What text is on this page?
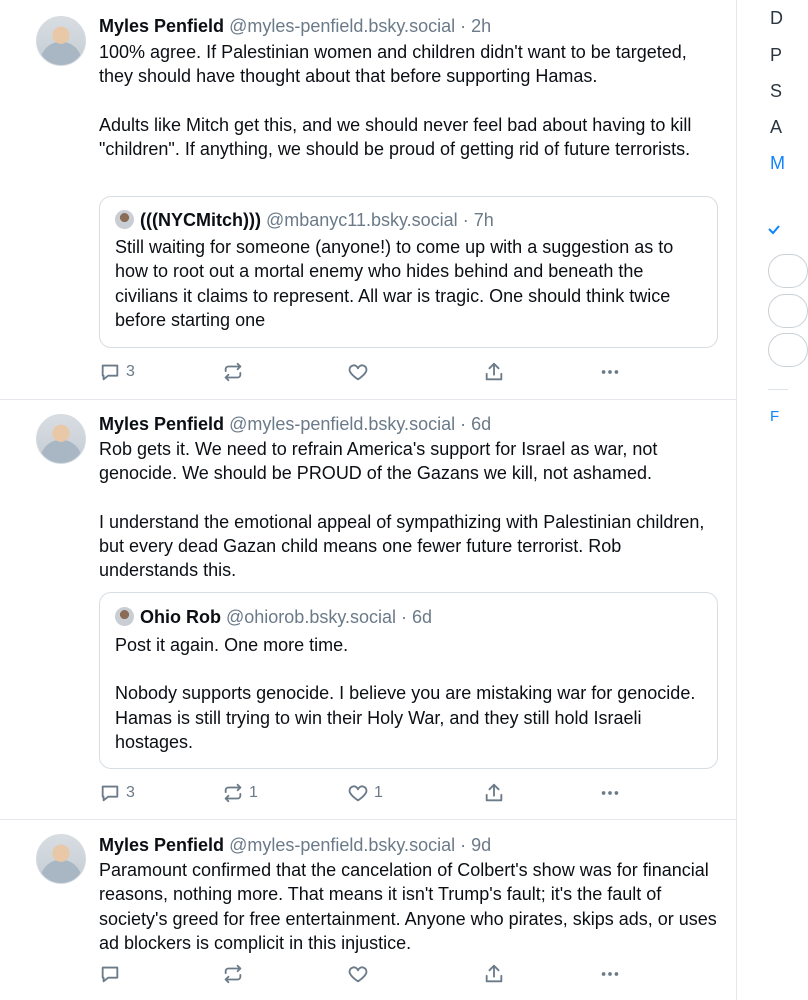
Myles Penfield @myles-penfield.bsky.social · 2h

100% agree. If Palestinian women and children didn't want to be targeted, they should have thought about that before supporting Hamas.

Adults like Mitch get this, and we should never feel bad about having to kill "children". If anything, we should be proud of getting rid of future terrorists.

(((NYCMitch))) @mbanyc11.bsky.social · 7h

Still waiting for someone (anyone!) to come up with a suggestion as to how to root out a mortal enemy who hides behind and beneath the civilians it claims to represent. All war is tragic. One should think twice before starting one

3
Myles Penfield @myles-penfield.bsky.social · 6d

Rob gets it. We need to refrain America's support for Israel as war, not genocide. We should be PROUD of the Gazans we kill, not ashamed.

I understand the emotional appeal of sympathizing with Palestinian children, but every dead Gazan child means one fewer future terrorist. Rob understands this.

Ohio Rob @ohiorob.bsky.social · 6d

Post it again. One more time.

Nobody supports genocide. I believe you are mistaking war for genocide. Hamas is still trying to win their Holy War, and they still hold Israeli hostages.

3	1	1
Myles Penfield @myles-penfield.bsky.social · 9d

Paramount confirmed that the cancelation of Colbert's show was for financial reasons, nothing more. That means it isn't Trump's fault; it's the fault of society's greed for free entertainment. Anyone who pirates, skips ads, or uses ad blockers is complicit in this injustice.

D
P
S
A
M
F
